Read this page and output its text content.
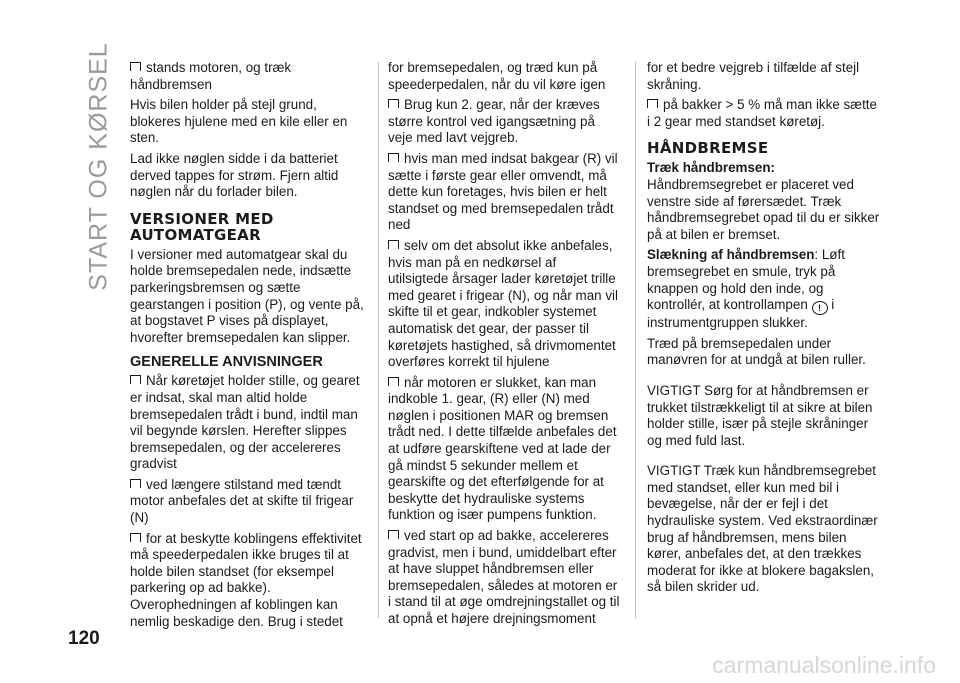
START OG KØRSEL	stands motoren, og træk håndbremsen

Hvis bilen holder på stejl grund, blokeres hjulene med en kile eller en sten.

Lad ikke nøglen sidde i da batteriet derved tappes for strøm. Fjern altid nøglen når du forlader bilen.

VERSIONER MED AUTOMATGEAR

I versioner med automatgear skal du holde bremsepedalen nede, indsætte parkeringsbremsen og sætte gearstangen i position (P), og vente på, at bogstavet P vises på displayet, hvorefter bremsepedalen kan slipper.

GENERELLE ANVISNINGER

Når køretøjet holder stille, og gearet er indsat, skal man altid holde bremsepedalen trådt i bund, indtil man vil begynde kørslen. Herefter slippes bremsepedalen, og der accelereres gradvist

ved længere stilstand med tændt motor anbefales det at skifte til frigear (N)

for at beskytte koblingens effektivitet må speederpedalen ikke bruges til at holde bilen standset (for eksempel parkering op ad bakke). Overophedningen af koblingen kan nemlig beskadige den. Brug i stedet

for bremsepedalen, og træd kun på speederpedalen, når du vil køre igen

Brug kun 2. gear, når der kræves større kontrol ved igangsætning på veje med lavt vejgreb.

hvis man med indsat bakgear (R) vil sætte i første gear eller omvendt, må dette kun foretages, hvis bilen er helt standset og med bremsepedalen trådt ned

selv om det absolut ikke anbefales, hvis man på en nedkørsel af utilsigtede årsager lader køretøjet trille med gearet i frigear (N), og når man vil skifte til et gear, indkobler systemet automatisk det gear, der passer til køretøjets hastighed, så drivmomentet overføres korrekt til hjulene

når motoren er slukket, kan man indkoble 1. gear, (R) eller (N) med nøglen i positionen MAR og bremsen trådt ned. I dette tilfælde anbefales det at udføre gearskiftene ved at lade der gå mindst 5 sekunder mellem et gearskifte og det efterfølgende for at beskytte det hydrauliske systems funktion og især pumpens funktion.

ved start op ad bakke, accelereres gradvist, men i bund, umiddelbart efter at have sluppet håndbremsen eller bremsepedalen, således at motoren er i stand til at øge omdrejningstallet og til at opnå et højere drejningsmoment

for et bedre vejgreb i tilfælde af stejl skråning.

på bakker > 5 % må man ikke sætte i 2 gear med standset køretøj.

HÅNDBREMSE
Træk håndbremsen:

Håndbremsegrebet er placeret ved venstre side af førersædet. Træk håndbremsegrebet opad til du er sikker på at bilen er bremset.

Slækning af håndbremsen: Løft bremsegrebet en smule, tryk på knappen og hold den inde, og kontrollér, at kontrollampen ! i instrumentgruppen slukker.

Træd på bremsepedalen under manøvren for at undgå at bilen ruller.

VIGTIGT Sørg for at håndbremsen er trukket tilstrækkeligt til at sikre at bilen holder stille, især på stejle skråninger og med fuld last.

VIGTIGT Træk kun håndbremsegrebet med standset, eller kun med bil i bevægelse, når der er fejl i det hydrauliske system. Ved ekstraordinær brug af håndbremsen, mens bilen kører, anbefales det, at den trækkes moderat for ikke at blokere bagakslen, så bilen skrider ud.

120
carmanualsonline.info
